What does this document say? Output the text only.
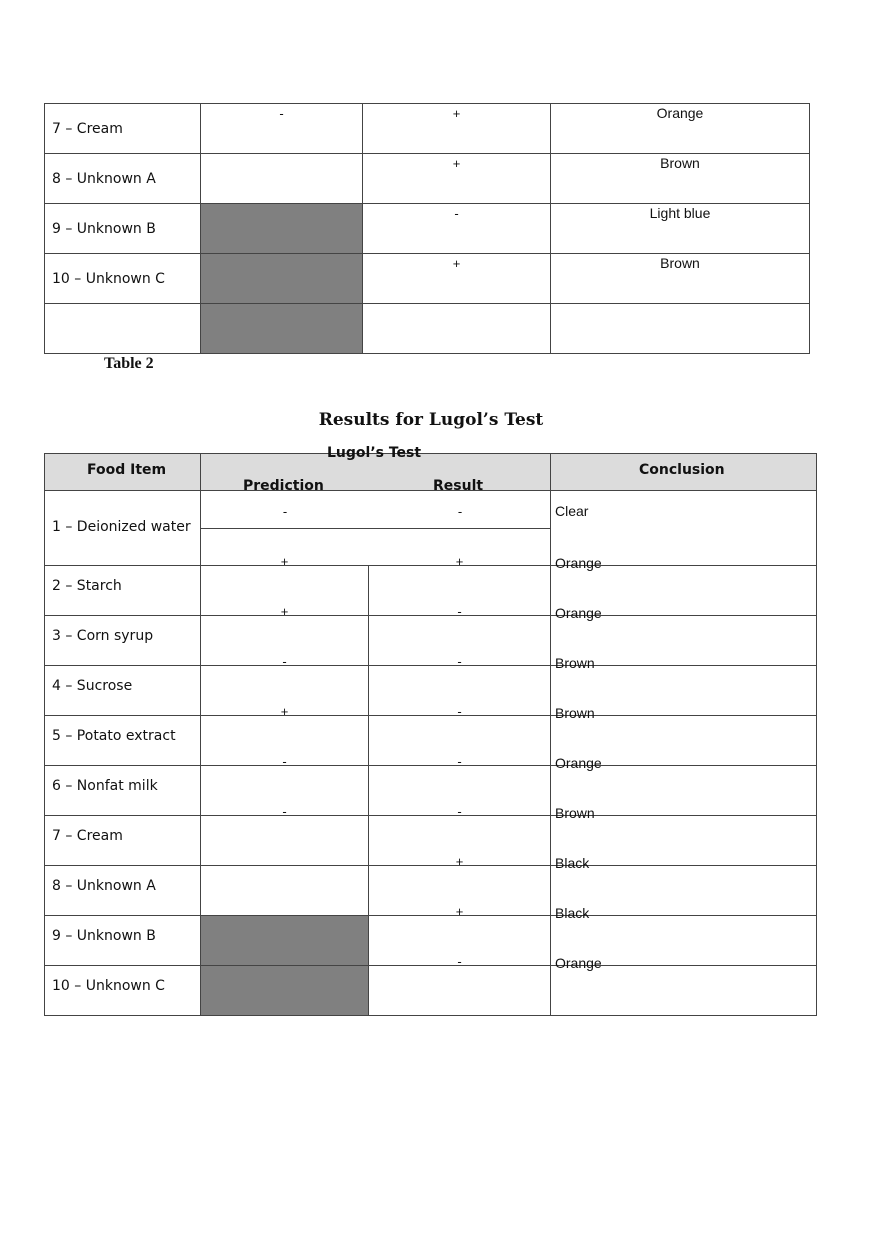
7 – Cream	-	+	Orange

8 – Unknown A		+	Brown

9 – Unknown B		-	Light blue

10 – Unknown C		+	Brown

Table 2
Results for Lugol’s Test
Food Item	Lugol’s Test
Prediction Result		Conclusion

1 – Deionized water	- -		Clear

2 – Starch	+	+	Orange

3 – Corn syrup	+	-	Orange

4 – Sucrose	-	-	Brown

5 – Potato extract	+	-	Brown

6 – Nonfat milk	-	-	Orange

7 – Cream	-	-	Brown

8 – Unknown A		+	Black

9 – Unknown B		+	Black

10 – Unknown C		-	Orange
